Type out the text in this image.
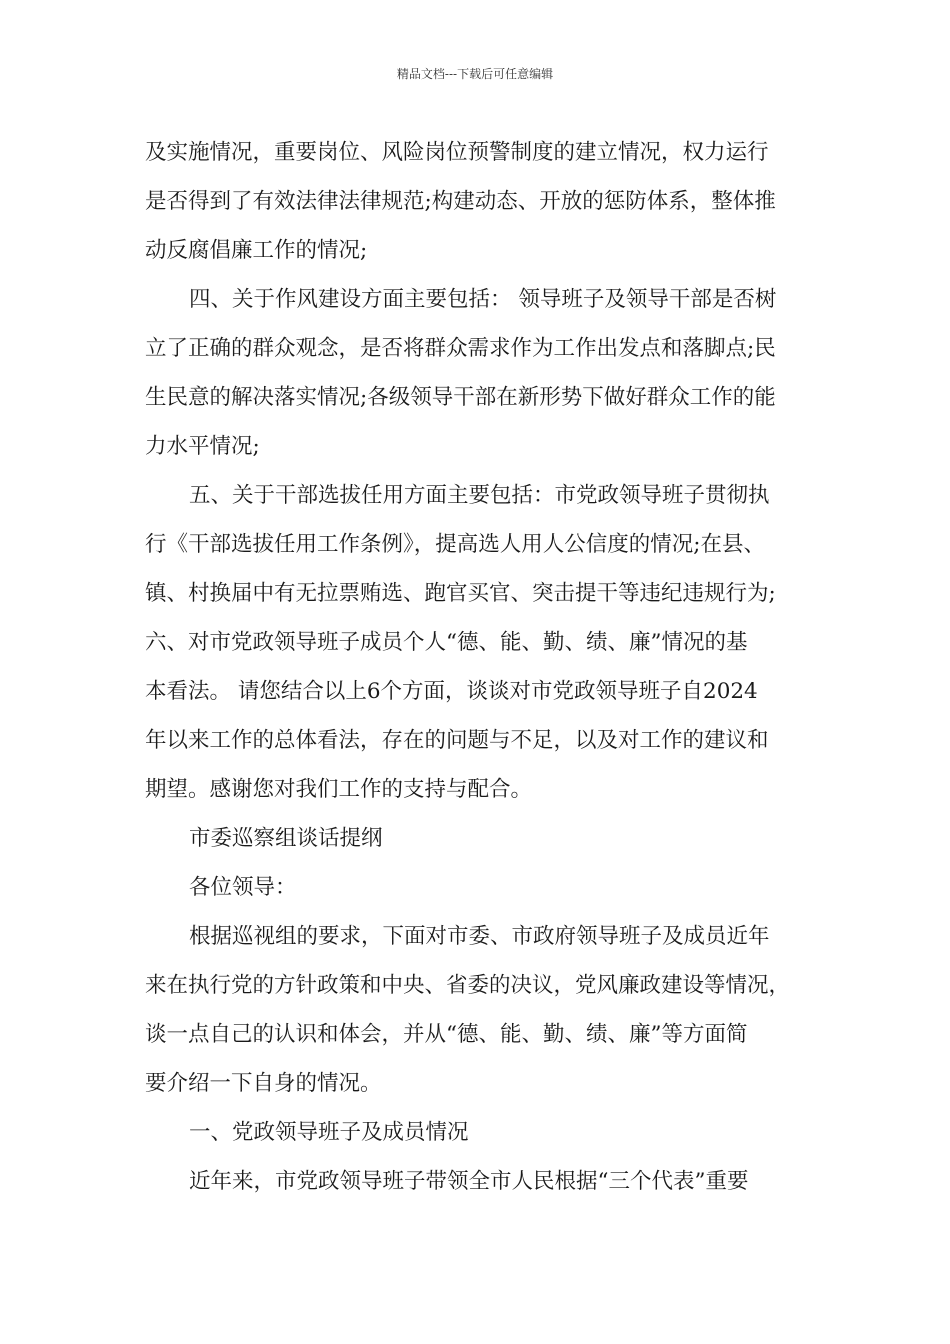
精品文档---下载后可任意编辑
及实施情况，重要岗位、风险岗位预警制度的建立情况，权力运行
是否得到了有效法律法律规范;构建动态、开放的惩防体系，整体推
动反腐倡廉工作的情况;
四、关于作风建设方面主要包括： 领导班子及领导干部是否树
立了正确的群众观念，是否将群众需求作为工作出发点和落脚点;民
生民意的解决落实情况;各级领导干部在新形势下做好群众工作的能
力水平情况;
五、关于干部选拔任用方面主要包括：市党政领导班子贯彻执
行《干部选拔任用工作条例》，提高选人用人公信度的情况;在县、
镇、村换届中有无拉票贿选、跑官买官、突击提干等违纪违规行为;
六、对市党政领导班子成员个人“德、能、勤、绩、廉”情况的基
本看法。 请您结合以上6个方面，谈谈对市党政领导班子自2024
年以来工作的总体看法，存在的问题与不足，以及对工作的建议和
期望。感谢您对我们工作的支持与配合。
市委巡察组谈话提纲
各位领导：
根据巡视组的要求，下面对市委、市政府领导班子及成员近年
来在执行党的方针政策和中央、省委的决议，党风廉政建设等情况，
谈一点自己的认识和体会，并从“德、能、勤、绩、廉”等方面简
要介绍一下自身的情况。
一、党政领导班子及成员情况
近年来，市党政领导班子带领全市人民根据“三个代表”重要
